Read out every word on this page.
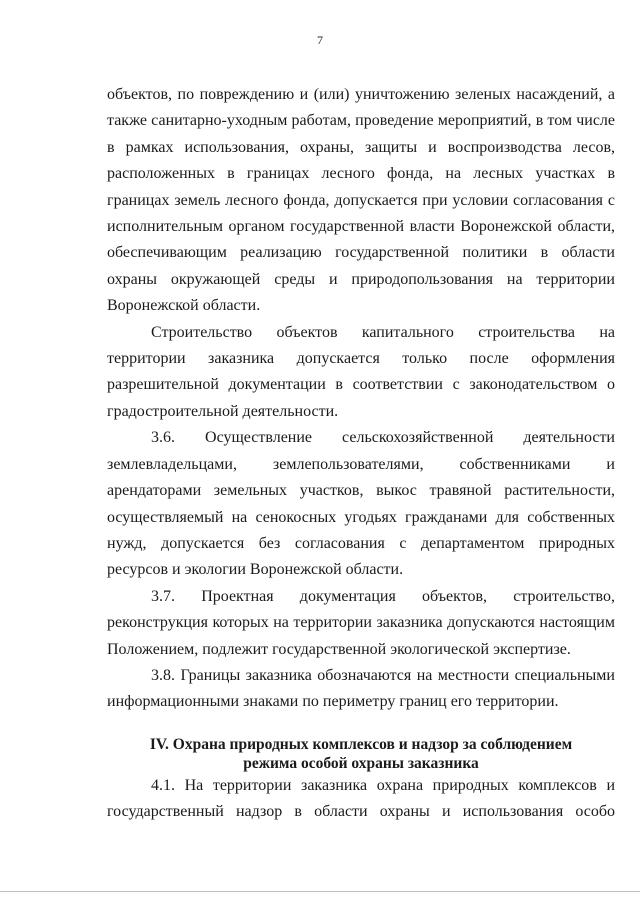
7

объектов, по повреждению и (или) уничтожению зеленых насаждений, а также санитарно-уходным работам, проведение мероприятий, в том числе в рамках использования, охраны, защиты и воспроизводства лесов, расположенных в границах лесного фонда, на лесных участках в границах земель лесного фонда, допускается при условии согласования с исполнительным органом государственной власти Воронежской области, обеспечивающим реализацию государственной политики в области охраны окружающей среды и природопользования на территории Воронежской области.

Строительство объектов капитального строительства на территории заказника допускается только после оформления разрешительной документации в соответствии с законодательством о градостроительной деятельности.

3.6. Осуществление сельскохозяйственной деятельности землевладельцами, землепользователями, собственниками и арендаторами земельных участков, выкос травяной растительности, осуществляемый на сенокосных угодьях гражданами для собственных нужд, допускается без согласования с департаментом природных ресурсов и экологии Воронежской области.

3.7. Проектная документация объектов, строительство, реконструкция которых на территории заказника допускаются настоящим Положением, подлежит государственной экологической экспертизе.

3.8. Границы заказника обозначаются на местности специальными информационными знаками по периметру границ его территории.

IV. Охрана природных комплексов и надзор за соблюдением

режима особой охраны заказника

4.1. На территории заказника охрана природных комплексов и государственный надзор в области охраны и использования особо
